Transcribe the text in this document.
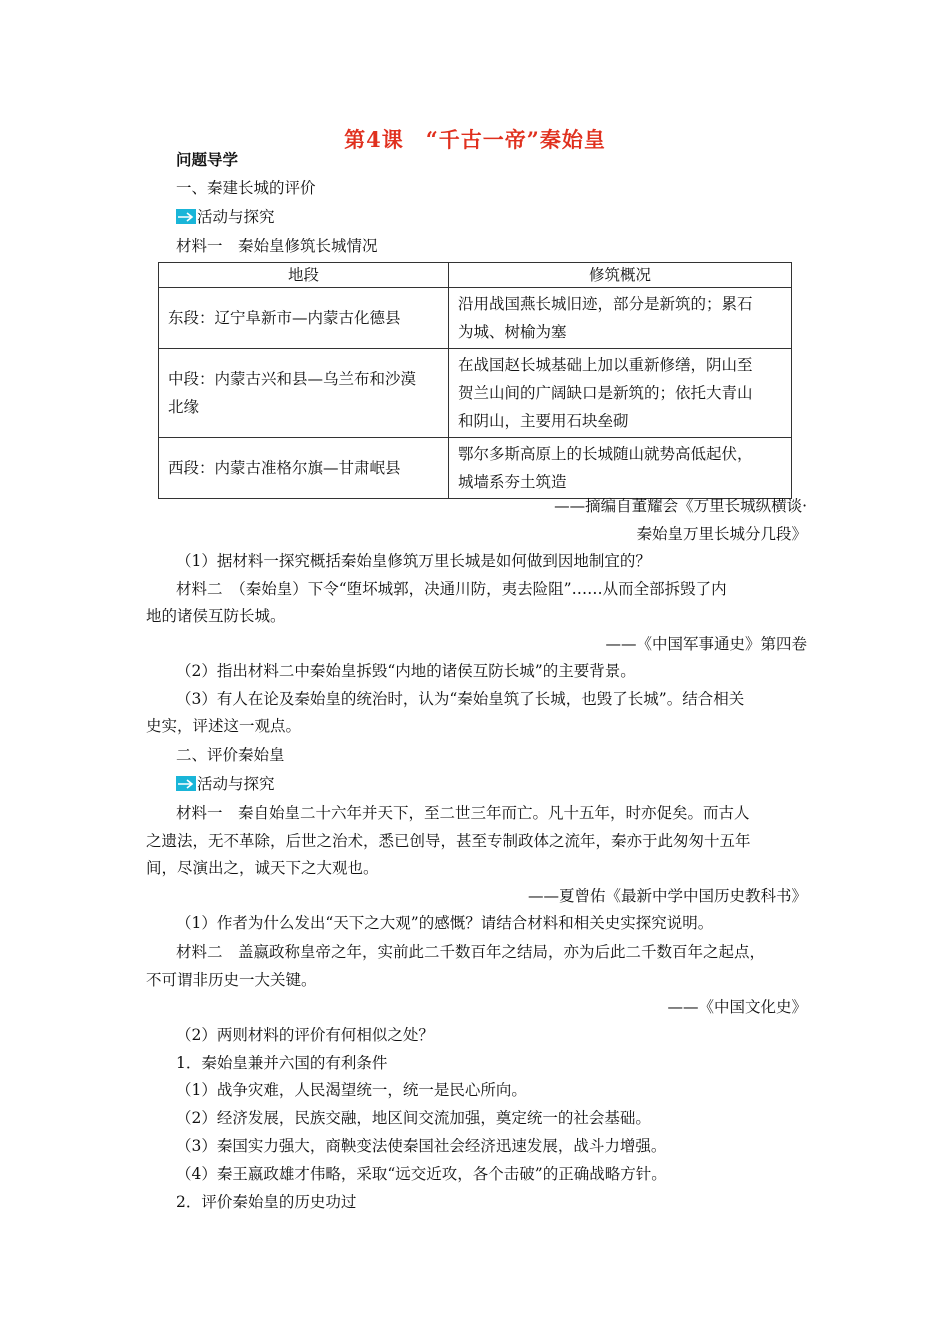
第4课　“千古一帝”秦始皇
问题导学
一、秦建长城的评价
活动与探究
材料一　秦始皇修筑长城情况
地段	修筑概况
东段：辽宁阜新市—内蒙古化德县	沿用战国燕长城旧迹，部分是新筑的；累石
为城、树榆为塞
中段：内蒙古兴和县—乌兰布和沙漠
北缘	在战国赵长城基础上加以重新修缮，阴山至
贺兰山间的广阔缺口是新筑的；依托大青山
和阴山，主要用石块垒砌
西段：内蒙古准格尔旗—甘肃岷县	鄂尔多斯高原上的长城随山就势高低起伏，
城墙系夯土筑造
——摘编自董耀会《万里长城纵横谈·
秦始皇万里长城分几段》
（1）据材料一探究概括秦始皇修筑万里长城是如何做到因地制宜的？
材料二　（秦始皇）下令“堕坏城郭，决通川防，夷去险阻”……从而全部拆毁了内
地的诸侯互防长城。
——《中国军事通史》第四卷
（2）指出材料二中秦始皇拆毁“内地的诸侯互防长城”的主要背景。
（3）有人在论及秦始皇的统治时，认为“秦始皇筑了长城，也毁了长城”。结合相关
史实，评述这一观点。
二、评价秦始皇
活动与探究
材料一　秦自始皇二十六年并天下，至二世三年而亡。凡十五年，时亦促矣。而古人
之遗法，无不革除，后世之治术，悉已创导，甚至专制政体之流年，秦亦于此匆匆十五年
间，尽演出之，诚天下之大观也。
——夏曾佑《最新中学中国历史教科书》
（1）作者为什么发出“天下之大观”的感慨？请结合材料和相关史实探究说明。
材料二　盖嬴政称皇帝之年，实前此二千数百年之结局，亦为后此二千数百年之起点，
不可谓非历史一大关键。
——《中国文化史》
（2）两则材料的评价有何相似之处？
1．秦始皇兼并六国的有利条件
（1）战争灾难，人民渴望统一，统一是民心所向。
（2）经济发展，民族交融，地区间交流加强，奠定统一的社会基础。
（3）秦国实力强大，商鞅变法使秦国社会经济迅速发展，战斗力增强。
（4）秦王嬴政雄才伟略，采取“远交近攻，各个击破”的正确战略方针。
2．评价秦始皇的历史功过
